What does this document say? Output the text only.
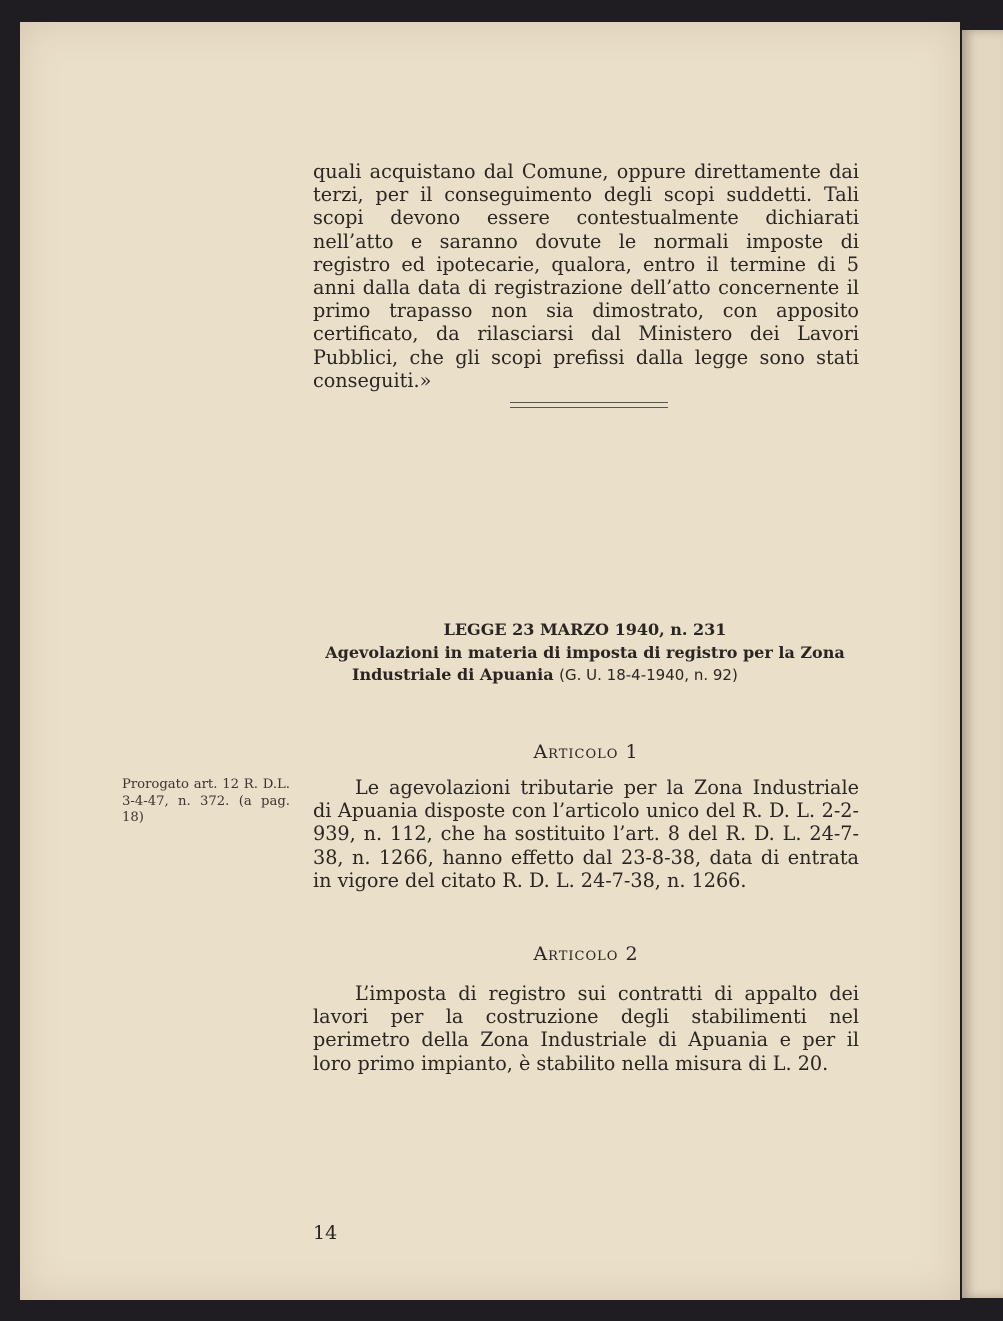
quali acquistano dal Comune, oppure direttamente dai terzi, per il conseguimento degli scopi suddetti. Tali scopi devono essere contestualmente dichiarati nell’atto e saranno dovute le normali imposte di registro ed ipotecarie, qualora, entro il termine di 5 anni dalla data di registrazione dell’atto concernente il primo trapasso non sia dimostrato, con apposito certificato, da rilasciarsi dal Ministero dei Lavori Pubblici, che gli scopi prefissi dalla legge sono stati conseguiti.»

LEGGE 23 MARZO 1940, n. 231
Agevolazioni in materia di imposta di registro per la Zona
Industriale di Apuania (G. U. 18-4-1940, n. 92)
Prorogato art. 12 R. D.L. 3-4-47, n. 372. (a pag. 18)
Articolo 1

Le agevolazioni tributarie per la Zona Industriale di Apuania disposte con l’articolo unico del R. D. L. 2-2-939, n. 112, che ha sostituito l’art. 8 del R. D. L. 24-7-38, n. 1266, hanno effetto dal 23-8-38, data di entrata in vigore del citato R. D. L. 24-7-38, n. 1266.

Articolo 2

L’imposta di registro sui contratti di appalto dei lavori per la costruzione degli stabilimenti nel perimetro della Zona Industriale di Apuania e per il loro primo impianto, è stabilito nella misura di L. 20.

14
